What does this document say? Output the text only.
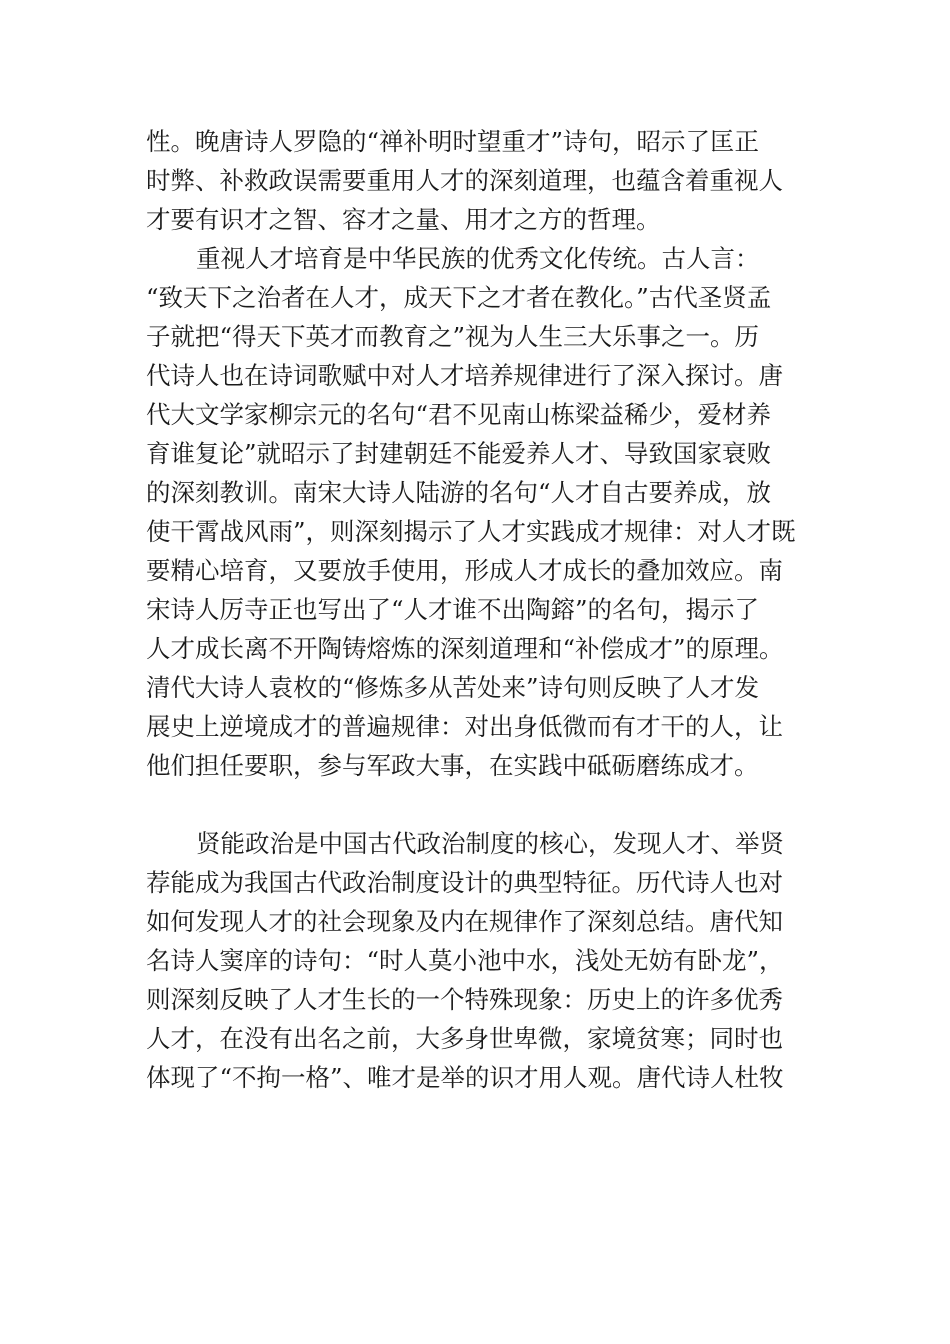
性。晚唐诗人罗隐的“禅补明时望重才”诗句，昭示了匡正
时弊、补救政误需要重用人才的深刻道理，也蕴含着重视人
才要有识才之智、容才之量、用才之方的哲理。
重视人才培育是中华民族的优秀文化传统。古人言：
“致天下之治者在人才，成天下之才者在教化。”古代圣贤孟
子就把“得天下英才而教育之”视为人生三大乐事之一。历
代诗人也在诗词歌赋中对人才培养规律进行了深入探讨。唐
代大文学家柳宗元的名句“君不见南山栋梁益稀少，爱材养
育谁复论”就昭示了封建朝廷不能爱养人才、导致国家衰败
的深刻教训。南宋大诗人陆游的名句“人才自古要养成，放
使干霄战风雨”，则深刻揭示了人才实践成才规律：对人才既
要精心培育，又要放手使用，形成人才成长的叠加效应。南
宋诗人厉寺正也写出了“人才谁不出陶鎔”的名句，揭示了
人才成长离不开陶铸熔炼的深刻道理和“补偿成才”的原理。
清代大诗人袁枚的“修炼多从苦处来”诗句则反映了人才发
展史上逆境成才的普遍规律：对出身低微而有才干的人，让
他们担任要职，参与军政大事，在实践中砥砺磨练成才。
贤能政治是中国古代政治制度的核心，发现人才、举贤
荐能成为我国古代政治制度设计的典型特征。历代诗人也对
如何发现人才的社会现象及内在规律作了深刻总结。唐代知
名诗人窦庠的诗句：“时人莫小池中水，浅处无妨有卧龙”，
则深刻反映了人才生长的一个特殊现象：历史上的许多优秀
人才，在没有出名之前，大多身世卑微，家境贫寒；同时也
体现了“不拘一格”、唯才是举的识才用人观。唐代诗人杜牧
